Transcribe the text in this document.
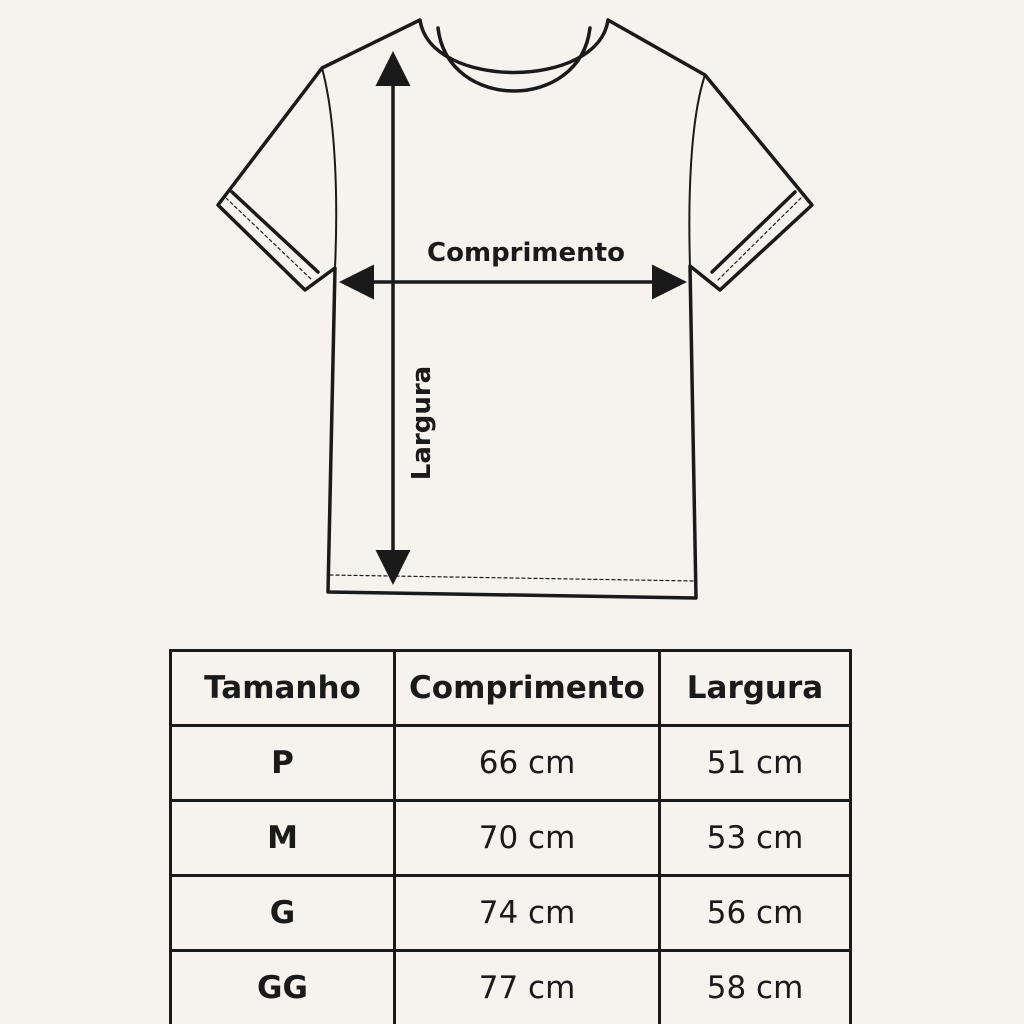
Comprimento
Largura
Tamanho	Comprimento	Largura
P	66 cm	51 cm
M	70 cm	53 cm
G	74 cm	56 cm
GG	77 cm	58 cm
